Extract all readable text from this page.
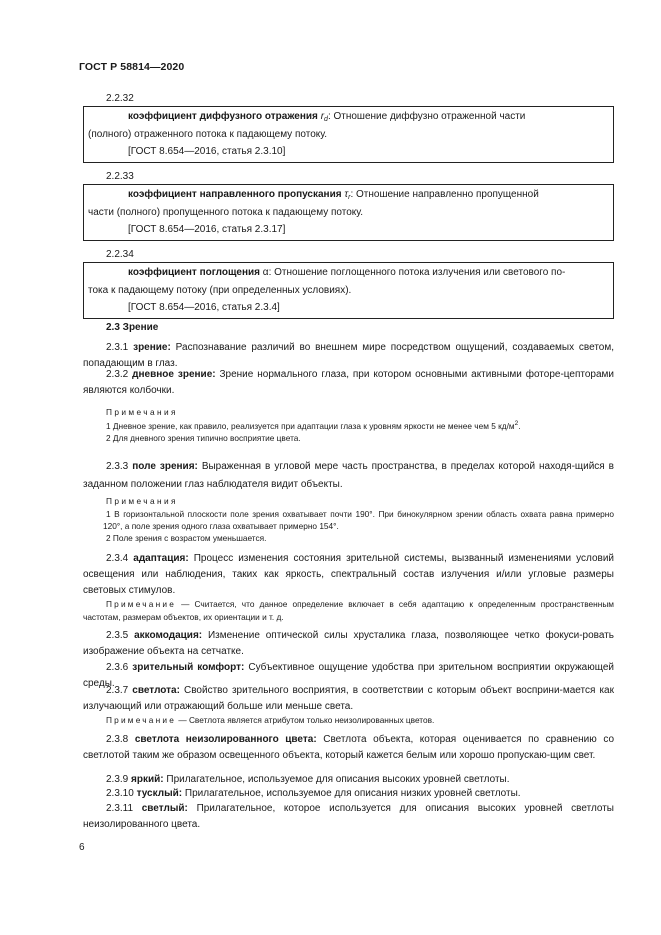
ГОСТ Р 58814—2020
2.2.32
коэффициент диффузного отражения $r_d$: Отношение диффузно отраженной части
(полного) отраженного потока к падающему потоку.
[ГОСТ 8.654—2016, статья 2.3.10]
2.2.33
коэффициент направленного пропускания $\tau_r$: Отношение направленно пропущенной
части (полного) пропущенного потока к падающему потоку.
[ГОСТ 8.654—2016, статья 2.3.17]
2.2.34
коэффициент поглощения α: Отношение поглощенного потока излучения или светового по-
тока к падающему потоку (при определенных условиях).
[ГОСТ 8.654—2016, статья 2.3.4]
2.3 Зрение
2.3.1 зрение: Распознавание различий во внешнем мире посредством ощущений, создаваемых светом, попадающим в глаз.
2.3.2 дневное зрение: Зрение нормального глаза, при котором основными активными фоторе-цепторами являются колбочки.
Примечания
1 Дневное зрение, как правило, реализуется при адаптации глаза к уровням яркости не менее чем 5 $кд/м^2$.
2 Для дневного зрения типично восприятие цвета.
2.3.3 поле зрения: Выраженная в угловой мере часть пространства, в пределах которой находя-щийся в заданном положении глаз наблюдателя видит объекты.
Примечания
1 В горизонтальной плоскости поле зрения охватывает почти 190°. При бинокулярном зрении область охвата равна примерно 120°, а поле зрения одного глаза охватывает примерно 154°.
2 Поле зрения с возрастом уменьшается.
2.3.4 адаптация: Процесс изменения состояния зрительной системы, вызванный изменениями условий освещения или наблюдения, таких как яркость, спектральный состав излучения и/или угловые размеры световых стимулов.
Примечание — Считается, что данное определение включает в себя адаптацию к определенным пространственным частотам, размерам объектов, их ориентации и т. д.
2.3.5 аккомодация: Изменение оптической силы хрусталика глаза, позволяющее четко фокуси-ровать изображение объекта на сетчатке.
2.3.6 зрительный комфорт: Субъективное ощущение удобства при зрительном восприятии окружающей среды.
2.3.7 светлота: Свойство зрительного восприятия, в соответствии с которым объект восприни-мается как излучающий или отражающий больше или меньше света.
Примечание — Светлота является атрибутом только неизолированных цветов.
2.3.8 светлота неизолированного цвета: Светлота объекта, которая оценивается по сравнению со светлотой таким же образом освещенного объекта, который кажется белым или хорошо пропускаю-щим свет.
2.3.9 яркий: Прилагательное, используемое для описания высоких уровней светлоты.
2.3.10 тусклый: Прилагательное, используемое для описания низких уровней светлоты.
2.3.11 светлый: Прилагательное, которое используется для описания высоких уровней светлоты неизолированного цвета.
6
